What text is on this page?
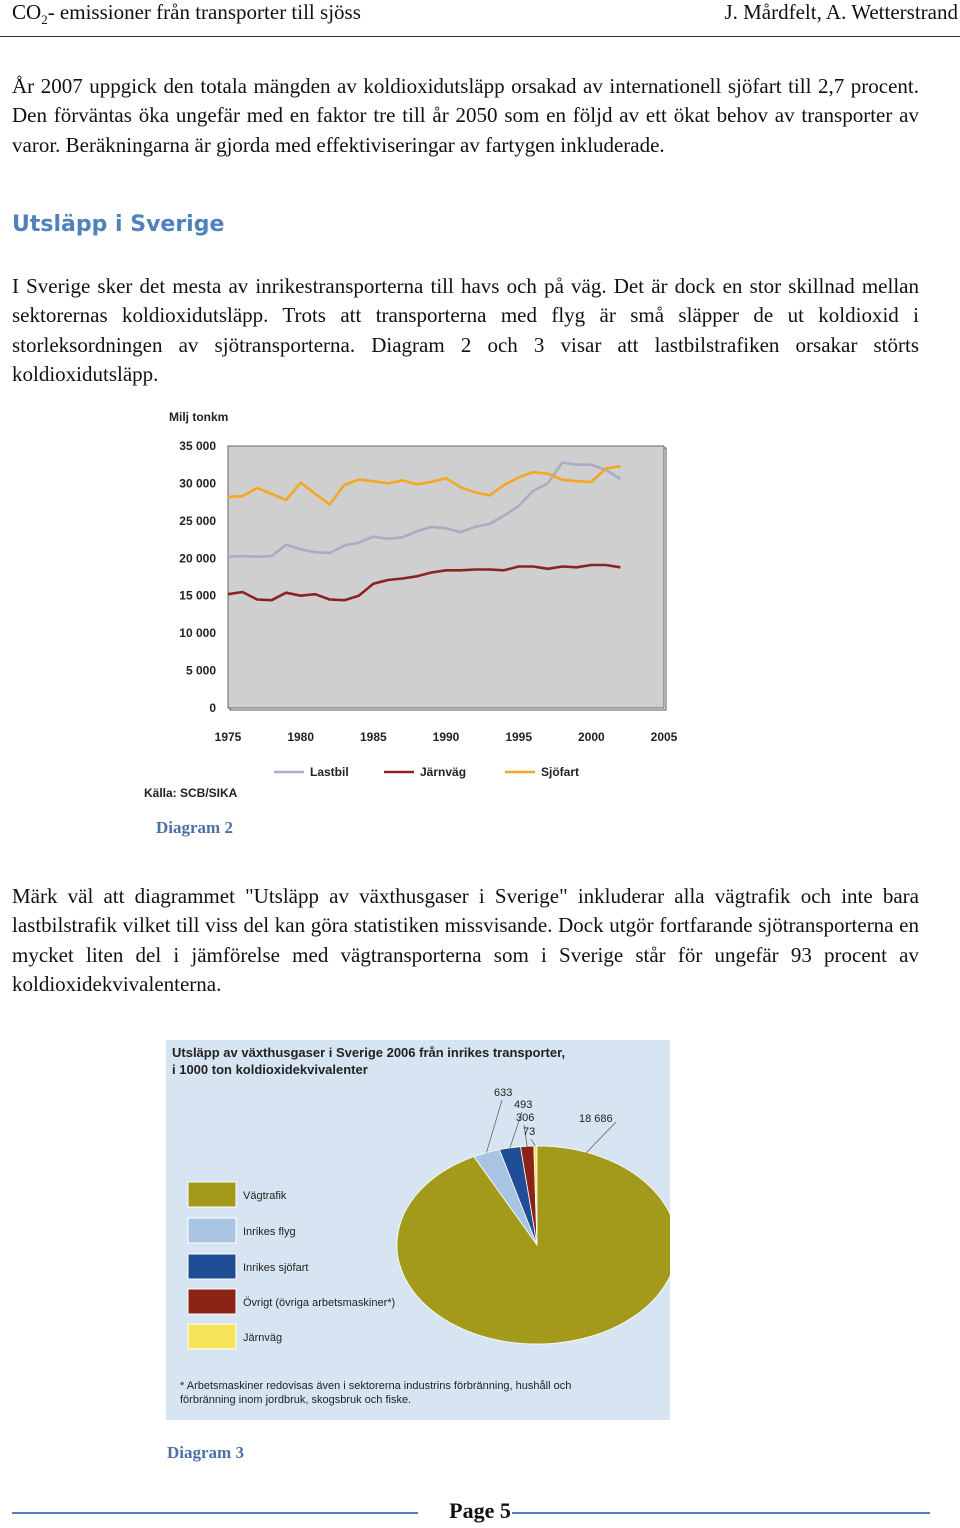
$CO_2-$ emissioner från transporter till sjöss	J. Mårdfelt, A. Wetterstrand

År 2007 uppgick den totala mängden av koldioxidutsläpp orsakad av internationell sjöfart till 2,7 procent. Den förväntas öka ungefär med en faktor tre till år 2050 som en följd av ett ökat behov av transporter av varor. Beräkningarna är gjorda med effektiviseringar av fartygen inkluderade.

Utsläpp i Sverige

I Sverige sker det mesta av inrikestransporterna till havs och på väg. Det är dock en stor skillnad mellan sektorernas koldioxidutsläpp. Trots att transporterna med flyg är små släpper de ut koldioxid i storleksordningen av sjötransporterna. Diagram 2 och 3 visar att lastbilstrafiken orsakar störts koldioxidutsläpp.

Milj tonkm
0
5 000
10 000
15 000
20 000
25 000
30 000
35 000
1975	1980	1985	1990	1995	2000	2005
Lastbil	Järnväg	Sjöfart
Källa: SCB/SIKA
Diagram 2

Märk väl att diagrammet "Utsläpp av växthusgaser i Sverige" inkluderar alla vägtrafik och inte bara lastbilstrafik vilket till viss del kan göra statistiken missvisande. Dock utgör fortfarande sjötransporterna en mycket liten del i jämförelse med vägtransporterna som i Sverige står för ungefär 93 procent av koldioxidekvivalenterna.

Utsläpp av växthusgaser i Sverige 2006 från inrikes transporter,
i 1000 ton koldioxidekvivalenter
Vägtrafik
Inrikes flyg
Inrikes sjöfart
Övrigt (övriga arbetsmaskiner*)
Järnväg
633
493
306
73
18 686
* Arbetsmaskiner redovisas även i sektorerna industrins förbränning, hushåll och
förbränning inom jordbruk, skogsbruk och fiske.
Diagram 3
Page 5
